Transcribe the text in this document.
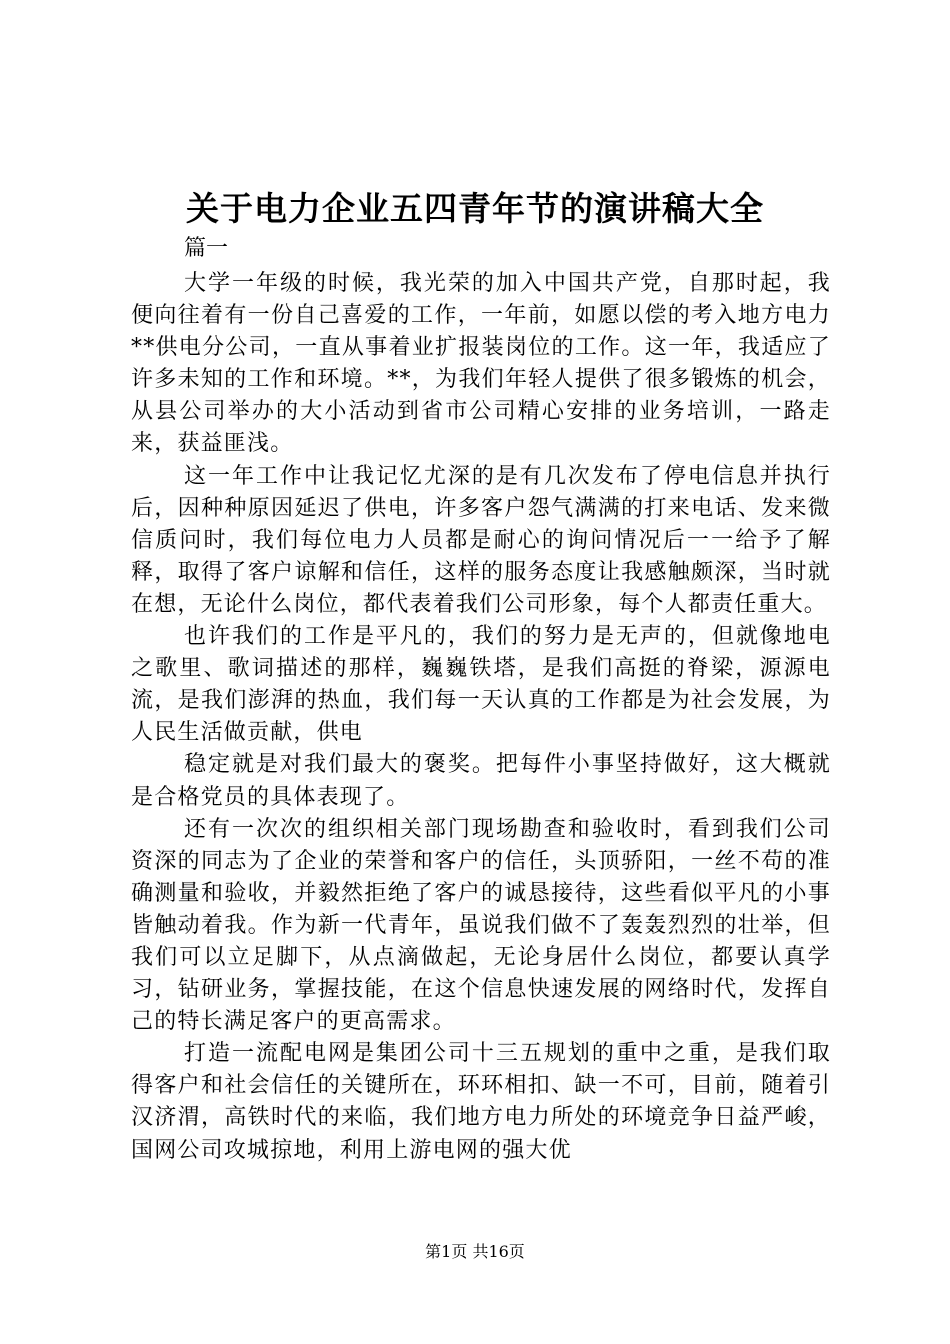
关于电力企业五四青年节的演讲稿大全
篇一

大学一年级的时候，我光荣的加入中国共产党，自那时起，我便向往着有一份自己喜爱的工作，一年前，如愿以偿的考入地方电力**供电分公司，一直从事着业扩报装岗位的工作。这一年，我适应了许多未知的工作和环境。**，为我们年轻人提供了很多锻炼的机会，从县公司举办的大小活动到省市公司精心安排的业务培训，一路走来，获益匪浅。

这一年工作中让我记忆尤深的是有几次发布了停电信息并执行后，因种种原因延迟了供电，许多客户怨气满满的打来电话、发来微信质问时，我们每位电力人员都是耐心的询问情况后一一给予了解释，取得了客户谅解和信任，这样的服务态度让我感触颇深，当时就在想，无论什么岗位，都代表着我们公司形象，每个人都责任重大。

也许我们的工作是平凡的，我们的努力是无声的，但就像地电之歌里、歌词描述的那样，巍巍铁塔，是我们高挺的脊梁，源源电流，是我们澎湃的热血，我们每一天认真的工作都是为社会发展，为人民生活做贡献，供电

稳定就是对我们最大的褒奖。把每件小事坚持做好，这大概就是合格党员的具体表现了。

还有一次次的组织相关部门现场勘查和验收时，看到我们公司资深的同志为了企业的荣誉和客户的信任，头顶骄阳，一丝不苟的准确测量和验收，并毅然拒绝了客户的诚恳接待，这些看似平凡的小事皆触动着我。作为新一代青年，虽说我们做不了轰轰烈烈的壮举，但我们可以立足脚下，从点滴做起，无论身居什么岗位，都要认真学习，钻研业务，掌握技能，在这个信息快速发展的网络时代，发挥自己的特长满足客户的更高需求。

打造一流配电网是集团公司十三五规划的重中之重，是我们取得客户和社会信任的关键所在，环环相扣、缺一不可，目前，随着引汉济渭，高铁时代的来临，我们地方电力所处的环境竞争日益严峻，国网公司攻城掠地，利用上游电网的强大优

第1页 共16页
